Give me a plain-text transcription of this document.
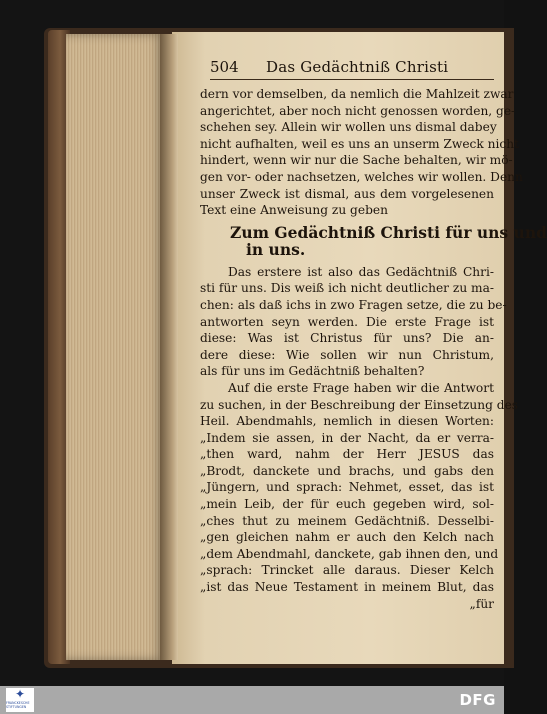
504	Das Gedächtniß Christi
dern vor demselben, da nemlich die Mahlzeit zwar
angerichtet, aber noch nicht genossen worden, ge-
schehen sey. Allein wir wollen uns dismal dabey
nicht aufhalten, weil es uns an unserm Zweck nicht
hindert, wenn wir nur die Sache behalten, wir mö-
gen vor- oder nachsetzen, welches wir wollen. Denn
unser Zweck ist dismal, aus dem vorgelesenen
Text eine Anweisung zu geben
Zum Gedächtniß Christi für uns und
in uns.
Das erstere ist also das Gedächtniß Chri-
sti für uns. Dis weiß ich nicht deutlicher zu ma-
chen: als daß ichs in zwo Fragen setze, die zu be-
antworten seyn werden. Die erste Frage ist
diese: Was ist Christus für uns? Die an-
dere diese: Wie sollen wir nun Christum,
als für uns im Gedächtniß behalten?
Auf die erste Frage haben wir die Antwort
zu suchen, in der Beschreibung der Einsetzung des
Heil. Abendmahls, nemlich in diesen Worten:
„Indem sie assen, in der Nacht, da er verra-
„then ward, nahm der Herr JESUS das
„Brodt, danckete und brachs, und gabs den
„Jüngern, und sprach: Nehmet, esset, das ist
„mein Leib, der für euch gegeben wird, sol-
„ches thut zu meinem Gedächtniß. Desselbi-
„gen gleichen nahm er auch den Kelch nach
„dem Abendmahl, danckete, gab ihnen den, und
„sprach: Trincket alle daraus. Dieser Kelch
„ist das Neue Testament in meinem Blut, das
„für
✦
FRANCKESCHE STIFTUNGEN	DFG
